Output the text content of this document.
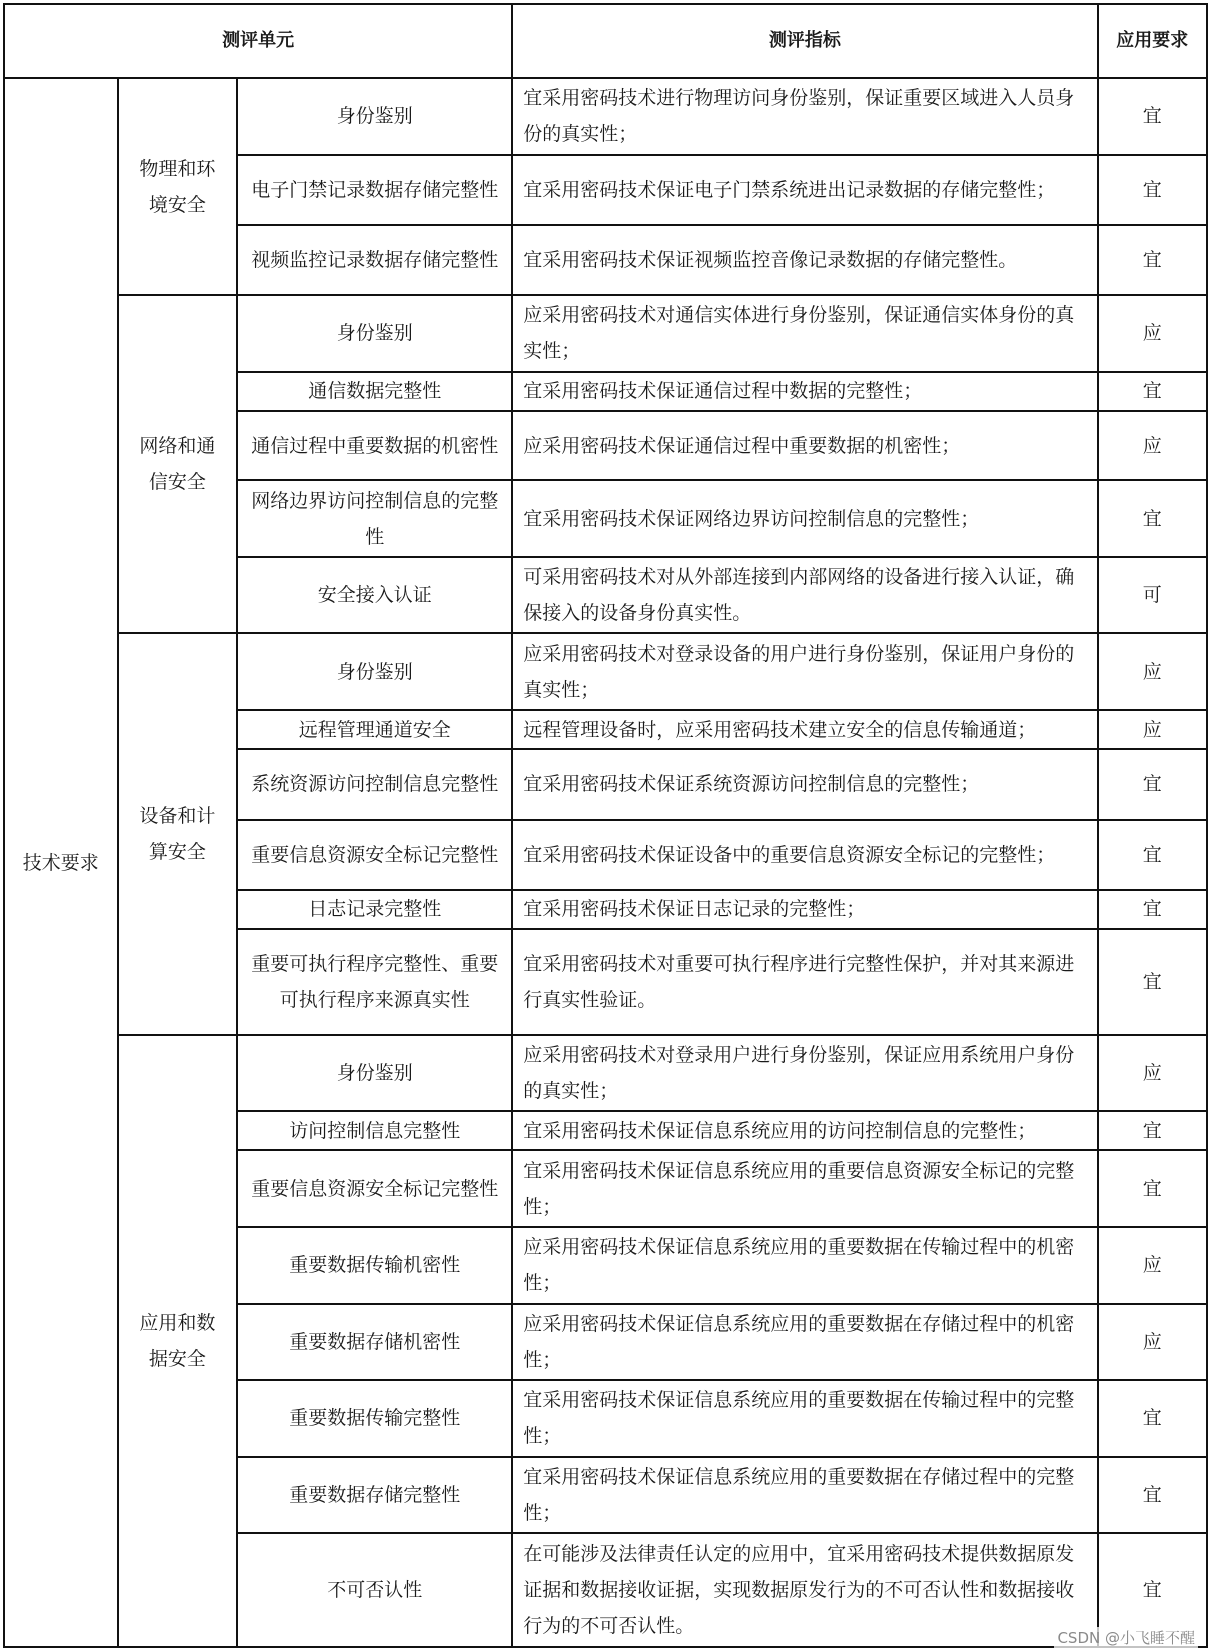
测评单元			测评指标	应用要求
技术要求	物理和环境安全	身份鉴别	宜采用密码技术进行物理访问身份鉴别，保证重要区域进入人员身份的真实性；	宜
		电子门禁记录数据存储完整性	宜采用密码技术保证电子门禁系统进出记录数据的存储完整性；	宜
		视频监控记录数据存储完整性	宜采用密码技术保证视频监控音像记录数据的存储完整性。	宜
	网络和通信安全	身份鉴别	应采用密码技术对通信实体进行身份鉴别，保证通信实体身份的真实性；	应
		通信数据完整性	宜采用密码技术保证通信过程中数据的完整性；	宜
		通信过程中重要数据的机密性	应采用密码技术保证通信过程中重要数据的机密性；	应
		网络边界访问控制信息的完整性	宜采用密码技术保证网络边界访问控制信息的完整性；	宜
		安全接入认证	可采用密码技术对从外部连接到内部网络的设备进行接入认证，确保接入的设备身份真实性。	可
	设备和计算安全	身份鉴别	应采用密码技术对登录设备的用户进行身份鉴别，保证用户身份的真实性；	应
		远程管理通道安全	远程管理设备时，应采用密码技术建立安全的信息传输通道；	应
		系统资源访问控制信息完整性	宜采用密码技术保证系统资源访问控制信息的完整性；	宜
		重要信息资源安全标记完整性	宜采用密码技术保证设备中的重要信息资源安全标记的完整性；	宜
		日志记录完整性	宜采用密码技术保证日志记录的完整性；	宜
		重要可执行程序完整性、重要可执行程序来源真实性	宜采用密码技术对重要可执行程序进行完整性保护，并对其来源进行真实性验证。	宜
	应用和数据安全	身份鉴别	应采用密码技术对登录用户进行身份鉴别，保证应用系统用户身份的真实性；	应
		访问控制信息完整性	宜采用密码技术保证信息系统应用的访问控制信息的完整性；	宜
		重要信息资源安全标记完整性	宜采用密码技术保证信息系统应用的重要信息资源安全标记的完整性；	宜
		重要数据传输机密性	应采用密码技术保证信息系统应用的重要数据在传输过程中的机密性；	应
		重要数据存储机密性	应采用密码技术保证信息系统应用的重要数据在存储过程中的机密性；	应
		重要数据传输完整性	宜采用密码技术保证信息系统应用的重要数据在传输过程中的完整性；	宜
		重要数据存储完整性	宜采用密码技术保证信息系统应用的重要数据在存储过程中的完整性；	宜
		不可否认性	在可能涉及法律责任认定的应用中，宜采用密码技术提供数据原发证据和数据接收证据，实现数据原发行为的不可否认性和数据接收行为的不可否认性。	宜
CSDN @小飞睡不醒
